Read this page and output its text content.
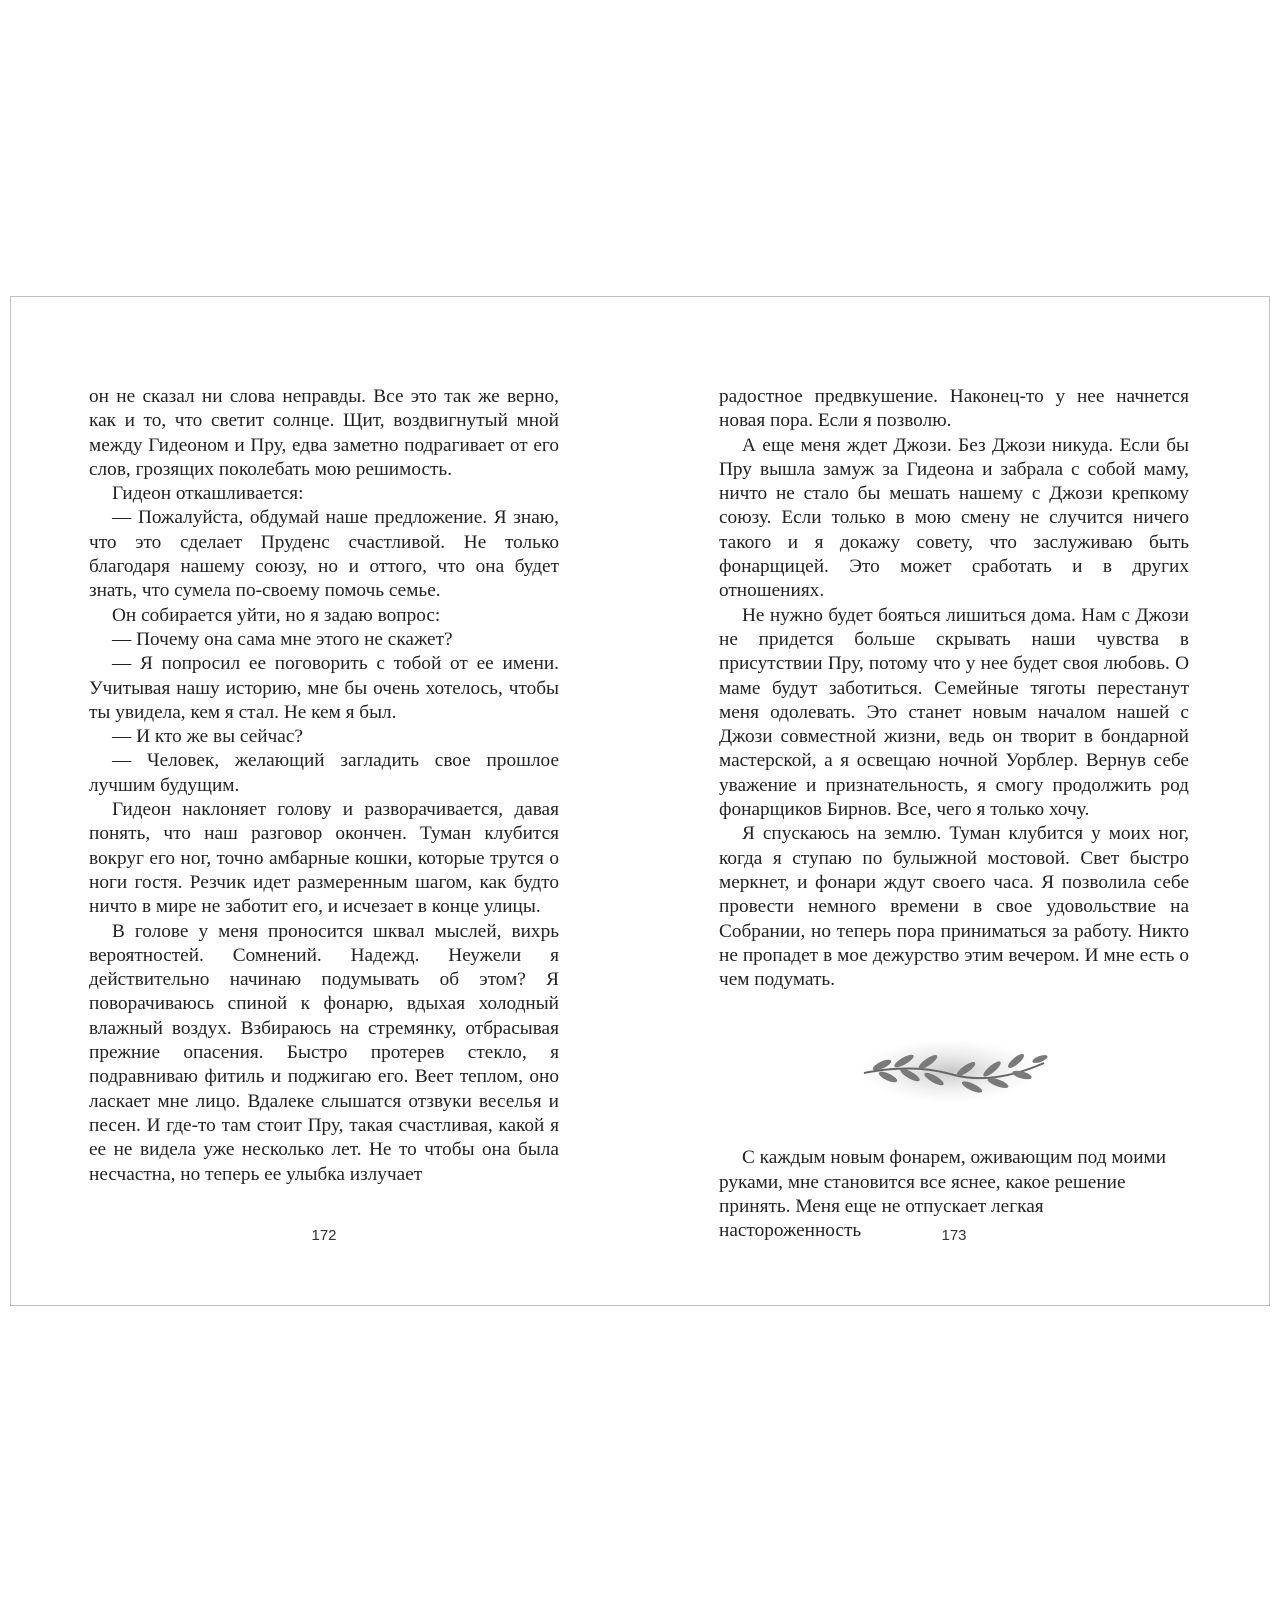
он не сказал ни слова неправды. Все это так же верно, как и то, что светит солнце. Щит, воздвигнутый мной между Гидеоном и Пру, едва заметно подрагивает от его слов, грозящих поколебать мою решимость.

Гидеон откашливается:

— Пожалуйста, обдумай наше предложение. Я знаю, что это сделает Пруденс счастливой. Не только благодаря нашему союзу, но и оттого, что она будет знать, что сумела по-своему помочь семье.

Он собирается уйти, но я задаю вопрос:

— Почему она сама мне этого не скажет?

— Я попросил ее поговорить с тобой от ее имени. Учитывая нашу историю, мне бы очень хотелось, чтобы ты увидела, кем я стал. Не кем я был.

— И кто же вы сейчас?

— Человек, желающий загладить свое прошлое лучшим будущим.

Гидеон наклоняет голову и разворачивается, давая понять, что наш разговор окончен. Туман клубится вокруг его ног, точно амбарные кошки, которые трутся о ноги гостя. Резчик идет размеренным шагом, как будто ничто в мире не заботит его, и исчезает в конце улицы.

В голове у меня проносится шквал мыслей, вихрь вероятностей. Сомнений. Надежд. Неужели я действительно начинаю подумывать об этом? Я поворачиваюсь спиной к фонарю, вдыхая холодный влажный воздух. Взбираюсь на стремянку, отбрасывая прежние опасения. Быстро протерев стекло, я подравниваю фитиль и поджигаю его. Веет теплом, оно ласкает мне лицо. Вдалеке слышатся отзвуки веселья и песен. И где-то там стоит Пру, такая счастливая, какой я ее не видела уже несколько лет. Не то чтобы она была несчастна, но теперь ее улыбка излучает

172

радостное предвкушение. Наконец-то у нее начнется новая пора. Если я позволю.

А еще меня ждет Джози. Без Джози никуда. Если бы Пру вышла замуж за Гидеона и забрала с собой маму, ничто не стало бы мешать нашему с Джози крепкому союзу. Если только в мою смену не случится ничего такого и я докажу совету, что заслуживаю быть фонарщицей. Это может сработать и в других отношениях.

Не нужно будет бояться лишиться дома. Нам с Джози не придется больше скрывать наши чувства в присутствии Пру, потому что у нее будет своя любовь. О маме будут заботиться. Семейные тяготы перестанут меня одолевать. Это станет новым началом нашей с Джози совместной жизни, ведь он творит в бондарной мастерской, а я освещаю ночной Уорблер. Вернув себе уважение и признательность, я смогу продолжить род фонарщиков Бирнов. Все, чего я только хочу.

Я спускаюсь на землю. Туман клубится у моих ног, когда я ступаю по булыжной мостовой. Свет быстро меркнет, и фонари ждут своего часа. Я позволила себе провести немного времени в свое удовольствие на Собрании, но теперь пора приниматься за работу. Никто не пропадет в мое дежурство этим вечером. И мне есть о чем подумать.

С каждым новым фонарем, оживающим под моими руками, мне становится все яснее, какое решение принять. Меня еще не отпускает легкая настороженность	173
